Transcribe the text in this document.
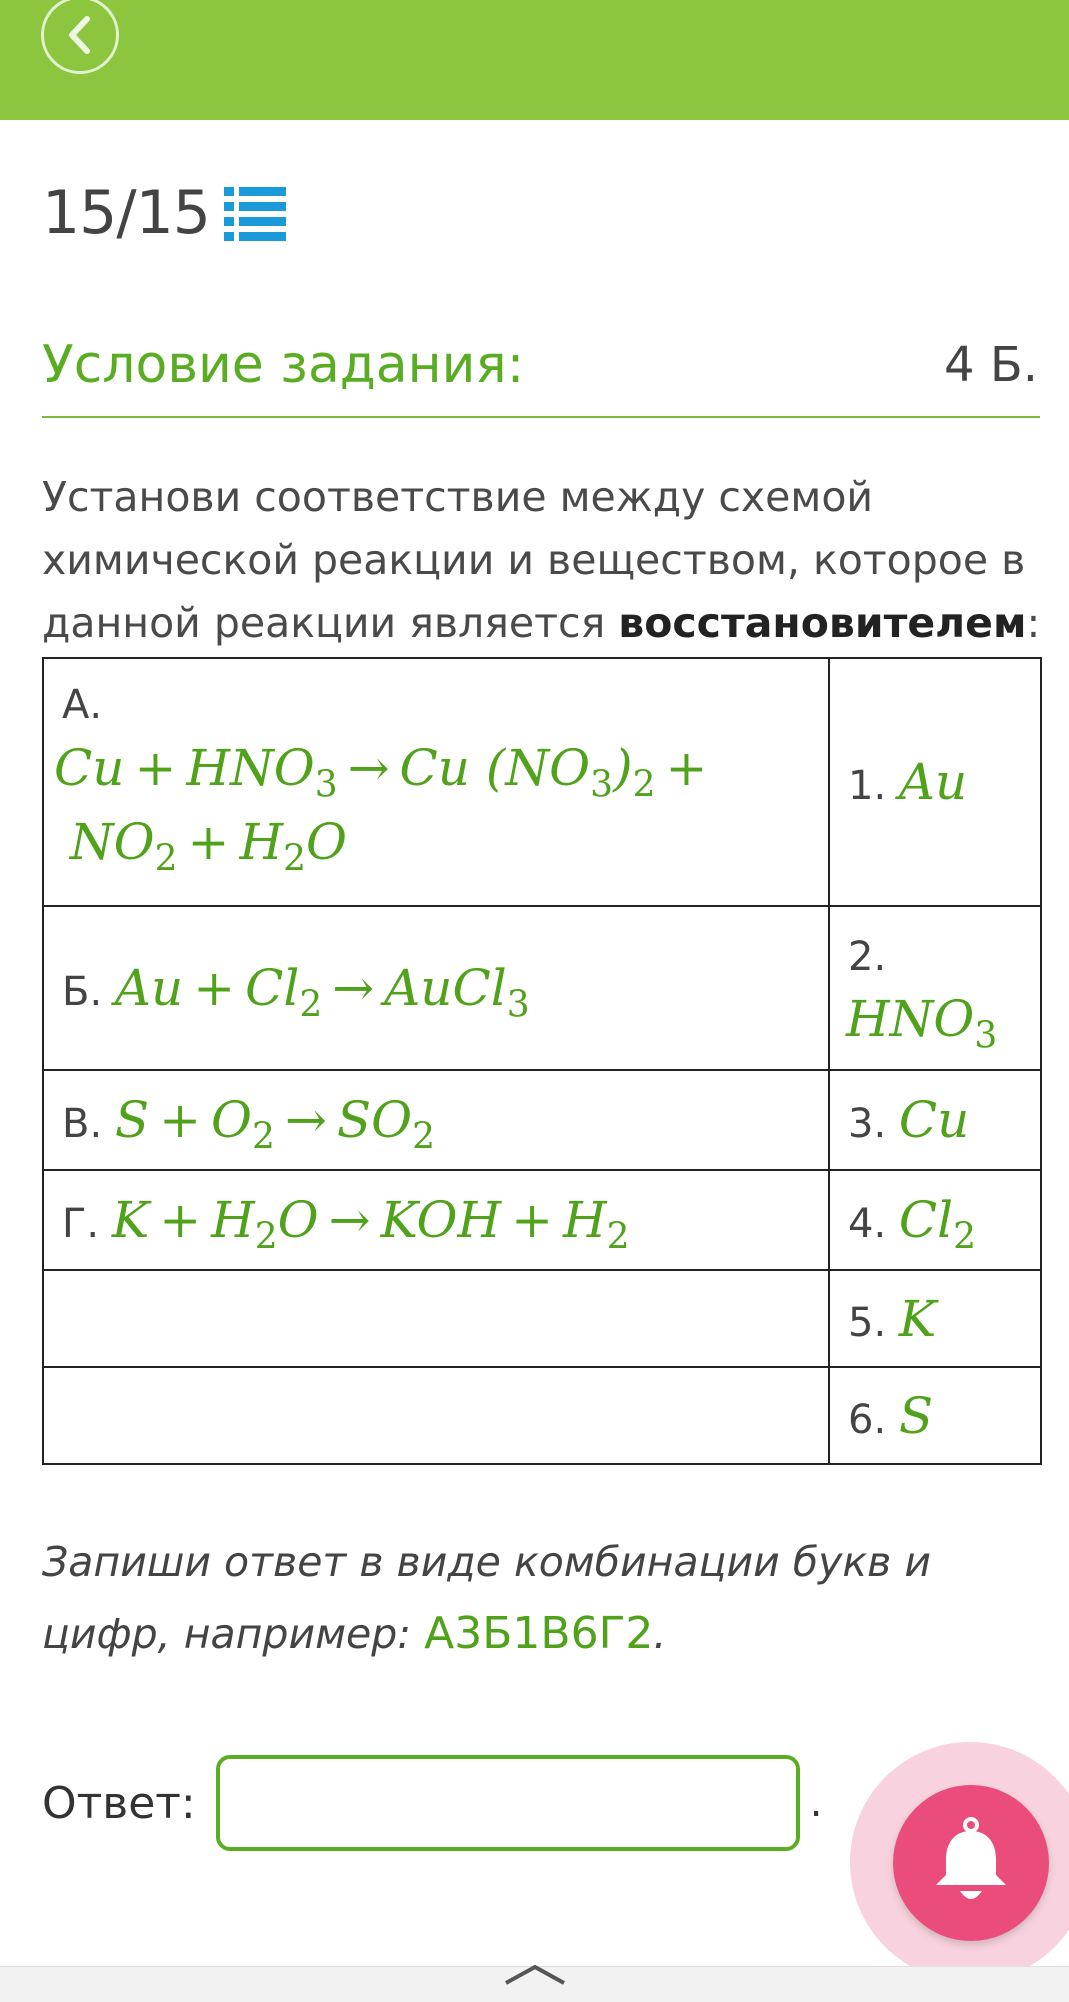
15/15
Условие задания:	4 Б.
Установи соответствие между схемой химической реакции и веществом, которое в данной реакции является восстановителем:
А.
$Cu + HNO_3 \to Cu$ $(NO_3)_2$ +
$NO_2 + H_2O$	1. Au
Б. $Au + Cl_2$ → AuCl$_3$	2.
$HNO_3$

В. $S + O_2 \to SO_2$	3. Cu
Г. $K + H_2O$ → KOH + $H_2$	4. $Cl_2$
	5. K
	6. S
Запиши ответ в виде комбинации букв и цифр, например: А3Б1В6Г2.
Ответ:	.
